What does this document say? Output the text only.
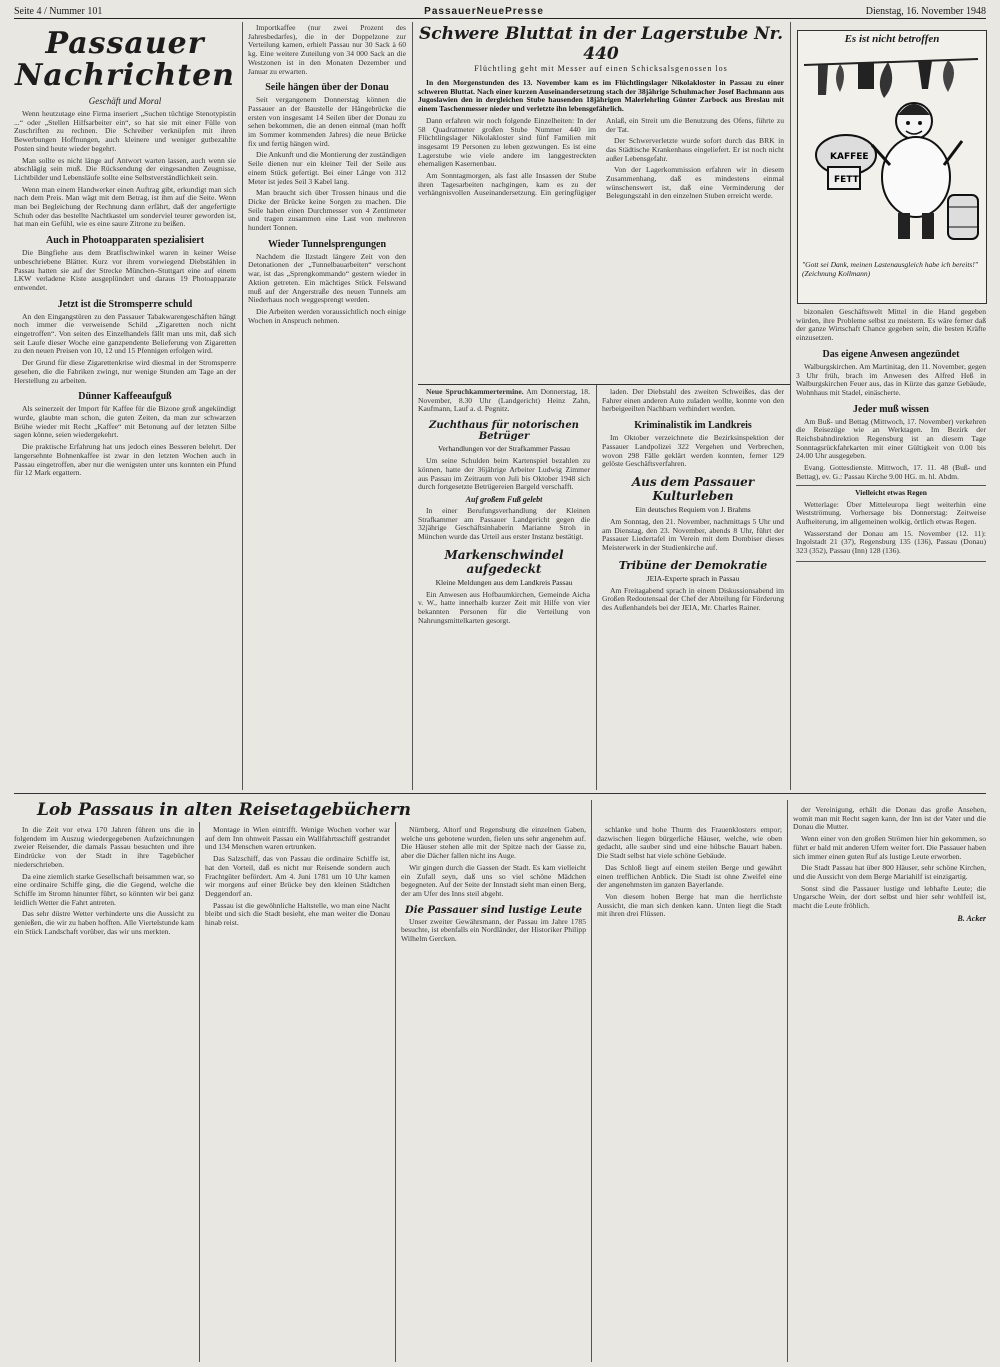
Seite 4 / Nummer 101	PassauerNeuePresse	Dienstag, 16. November 1948
Passauer
Nachrichten
Geschäft und Moral

Wenn heutzutage eine Firma inseriert „Suchen tüchtige Stenotypistin ...“ oder „Stellen Hilfsarbeiter ein“, so hat sie mit einer Fülle von Zuschriften zu rechnen. Die Schreiber verknüpfen mit ihren Bewerbungen Hoffnungen, auch kleinere und weniger gutbezahlte Posten sind heute wieder begehrt.

Man sollte es nicht länge auf Antwort warten lassen, auch wenn sie abschlägig sein muß. Die Rücksendung der eingesandten Zeugnisse, Lichtbilder und Lebensläufe sollte eine Selbstverständlichkeit sein.

Wenn man einem Handwerker einen Auftrag gibt, erkundigt man sich nach dem Preis. Man wägt mit dem Betrag, ist ihm auf die Seite. Wenn man bei Begleichung der Rechnung dann erfährt, daß der angefertigte Schuh oder das bestellte Nachtkastel um sonderviel teurer geworden ist, hat man ein Gefühl, wie es eine saure Zitrone zu beißen.

Auch in Photoapparaten spezialisiert

Die Bingfiehe aus dem Bratfischwinkel waren in keiner Weise unbeschriebene Blätter. Kurz vor ihrem vorwiegend Diebstählen in Passau hatten sie auf der Strecke München–Stuttgart eine auf einem LKW verladene Kiste ausgeplündert und daraus 19 Photoapparate entwendet.

Jetzt ist die Stromsperre schuld

An den Eingangstüren zu den Passauer Tabakwarengeschäften hängt noch immer die verweisende Schild „Zigaretten noch nicht eingetroffen“. Von seiten des Einzelhandels fällt man uns mit, daß sich seit Laufe dieser Woche eine ganzpendente Belieferung von Zigaretten zu den neuen Preisen von 10, 12 und 15 Pfennigen erfolgen wird.

Der Grund für diese Zigarettenkrise wird diesmal in der Stromsperre gesehen, die die Fabriken zwingt, nur wenige Stunden am Tage an der Herstellung zu arbeiten.

Dünner Kaffeeaufguß

Als seinerzeit der Import für Kaffee für die Bizone groß angekündigt wurde, glaubte man schon, die guten Zeiten, da man zur schwarzen Brühe wieder mit Recht „Kaffee“ mit Betonung auf der letzten Silbe sagen könne, seien wiedergekehrt.

Die praktische Erfahrung hat uns jedoch eines Besseren belehrt. Der langersehnte Bohnenkaffee ist zwar in den letzten Wochen auch in Passau eingetroffen, aber nur die wenigsten unter uns konnten ein Pfund für 12 Mark ergattern.

Importkaffee (nur zwei Prozent des Jahresbedarfes), die in der Doppelzone zur Verteilung kamen, erhielt Passau nur 30 Sack à 60 kg. Eine weitere Zuteilung von 34 000 Sack an die Westzonen ist in den Monaten Dezember und Januar zu erwarten.

Seile hängen über der Donau

Seit vergangenem Donnerstag können die Passauer an der Baustelle der Hängebrücke die ersten von insgesamt 14 Seilen über der Donau zu sehen bekommen, die an denen einmal (man hofft im Sommer kommenden Jahres) die neue Brücke fix und fertig hängen wird.

Die Ankunft und die Montierung der zuständigen Seile dienen nur ein kleiner Teil der Seile aus einem Stück gefertigt. Bei einer Länge von 312 Meter ist jedes Seil 3 Kabel lang.

Man braucht sich über Trossen hinaus und die Dicke der Brücke keine Sorgen zu machen. Die Seile haben einen Durchmesser von 4 Zentimeter und tragen zusammen eine Last von mehreren hundert Tonnen.

Wieder Tunnelsprengungen

Nachdem die Ilzstadt längere Zeit von den Detonationen der „Tunnelbauarbeiten“ verschont war, ist das „Sprengkommando“ gestern wieder in Aktion getreten. Ein mächtiges Stück Felswand muß auf der Angerstraße des neuen Tunnels am Niederhaus noch weggesprengt werden.

Die Arbeiten werden voraussichtlich noch einige Wochen in Anspruch nehmen.

Schwere Bluttat in der Lagerstube Nr. 440
Flüchtling geht mit Messer auf einen Schicksalsgenossen los

In den Morgenstunden des 13. November kam es im Flüchtlingslager Nikolakloster in Passau zu einer schweren Bluttat. Nach einer kurzen Auseinandersetzung stach der 38jährige Schuhmacher Josef Bachmann aus Jugoslawien den in dergleichen Stube hausenden 18jährigen Malerlehrling Günter Zarbock aus Breslau mit einem Taschenmesser nieder und verletzte ihn lebensgefährlich.

Dann erfahren wir noch folgende Einzelheiten: In der 58 Quadratmeter großen Stube Nummer 440 im Flüchtlingslager Nikolakloster sind fünf Familien mit insgesamt 19 Personen zu leben gezwungen. Es ist eine Lagerstube wie viele andere im langgestreckten ehemaligen Kasernenbau.

Am Sonntagmorgen, als fast alle Insassen der Stube ihren Tagesarbeiten nachgingen, kam es zu der verhängnisvollen Auseinandersetzung. Ein geringfügiger Anlaß, ein Streit um die Benutzung des Ofens, führte zu der Tat.

Der Schwerverletzte wurde sofort durch das BRK in das Städtische Krankenhaus eingeliefert. Er ist noch nicht außer Lebensgefahr.

Von der Lagerkommission erfahren wir in diesem Zusammenhang, daß es mindestens einmal wünschenswert ist, daß eine Verminderung der Belegungszahl in den einzelnen Stuben erreicht werde.

Neue Spruchkammertermine. Am Donnerstag, 18. November, 8.30 Uhr (Landgericht) Heinz Zahn, Kaufmann, Lauf a. d. Pegnitz.

Zuchthaus für notorischen Betrüger
Verhandlungen vor der Strafkammer Passau

Um seine Schulden beim Kartenspiel bezahlen zu können, hatte der 36jährige Arbeiter Ludwig Zimmer aus Passau im Zeitraum von Juli bis Oktober 1948 sich durch fortgesetzte Betrügereien Bargeld verschafft.

Auf großem Fuß gelebt

In einer Berufungsverhandlung der Kleinen Strafkammer am Passauer Landgericht gegen die 32jährige Geschäftsinhaberin Marianne Stroh in München wurde das Urteil aus erster Instanz bestätigt.

Markenschwindel aufgedeckt
Kleine Meldungen aus dem Landkreis Passau

Ein Anwesen aus Hofbaumkirchen, Gemeinde Aicha v. W., hatte innerhalb kurzer Zeit mit Hilfe von vier bekannten Personen für die Verteilung von Nahrungsmittelkarten gesorgt.

laden. Der Diebstahl des zweiten Schweißes, das der Fahrer einen anderen Auto zuladen wollte, konnte von den herbeigeeilten Nachbarn verhindert werden.

Kriminalistik im Landkreis

Im Oktober verzeichnete die Bezirksinspektion der Passauer Landpolizei 322 Vergehen und Verbrechen, wovon 298 Fälle geklärt werden konnten, ferner 129 gelöste Geschäftsverfahren.

Aus dem Passauer Kulturleben
Ein deutsches Requiem von J. Brahms

Am Sonntag, den 21. November, nachmittags 5 Uhr und am Dienstag, den 23. November, abends 8 Uhr, führt der Passauer Liedertafel im Verein mit dem Dombiser dieses Meisterwerk in der Studienkirche auf.

Tribüne der Demokratie
JEIA-Experte sprach in Passau

Am Freitagabend sprach in einem Diskussionsabend im Großen Redoutensaal der Chef der Abteilung für Förderung des Außenhandels bei der JEIA, Mr. Charles Rainer.

Es ist nicht betroffen
KAFFEE
FETT
"Gott sei Dank, meinen Lastenausgleich habe ich bereits!" (Zeichnung Kollmann)

bizonalen Geschäftswelt Mittel in die Hand gegeben würden, ihre Probleme selbst zu meistern. Es wäre ferner daß der ganze Wirtschaft Chance gegeben sein, die besten Kräfte einzusetzen.

Das eigene Anwesen angezündet

Walburgskirchen. Am Martinitag, den 11. November, gegen 3 Uhr früh, brach im Anwesen des Alfred Heß in Walburgskirchen Feuer aus, das in Kürze das ganze Gebäude, Wohnhaus mit Stadel, einäscherte.

Jeder muß wissen

Am Buß- und Bettag (Mittwoch, 17. November) verkehren die Reisezüge wie an Werktagen. Im Bezirk der Reichsbahndirektion Regensburg ist an diesem Tage Sonntagsrückfahrkarten mit einer Gültigkeit von 0.00 bis 24.00 Uhr ausgegeben.

Evang. Gottesdienste. Mittwoch, 17. 11. 48 (Buß- und Bettag), ev. G.: Passau Kirche 9.00 HG. m. hl. Abdm.

Vielleicht etwas Regen

Wetterlage: Über Mitteleuropa liegt weiterhin eine Westströmung. Vorhersage bis Donnerstag: Zeitweise Aufheiterung, im allgemeinen wolkig, örtlich etwas Regen.

Wasserstand der Donau am 15. November (12. 11): Ingolstadt 21 (37), Regensburg 135 (136), Passau (Donau) 323 (352), Passau (Inn) 128 (136).

Lob Passaus in alten Reisetagebüchern

In die Zeit vor etwa 170 Jahren führen uns die in folgendem im Auszug wiedergegebenen Aufzeichnungen zweier Reisender, die damals Passau besuchten und ihre Eindrücke von der Stadt in ihre Tagebücher niederschrieben.

Da eine ziemlich starke Gesellschaft beisammen war, so eine ordinaire Schiffe ging, die die Gegend, welche die Schiffe im Stromn hinunter führt, so könnten wir bei ganz leidlich Wetter die Fahrt antreten.

Das sehr düstre Wetter verhinderte uns die Aussicht zu genießen, die wir zu haben hofften. Alle Viertelstunde kam ein Stück Landschaft vorüber, das wir uns merkten.

Montage in Wien eintrifft. Wenige Wochen vorher war auf dem Inn ohnweit Passau ein Wallfahrtsschiff gestrandet und 134 Menschen waren ertrunken.

Das Salzschiff, das von Passau die ordinaire Schiffe ist, hat den Vorteil, daß es nicht nur Reisende sondern auch Frachtgüter befördert. Am 4. Juni 1781 um 10 Uhr kamen wir morgens auf einer Brücke bey den kleinen Städtchen Deggendorf an.

Passau ist die gewöhnliche Haltstelle, wo man eine Nacht bleibt und sich die Stadt besieht, ehe man weiter die Donau hinab reist.

Nürnberg, Altorf und Regensburg die einzelnen Gaben, welche uns gebotene wurden, fielen uns sehr angenehm auf. Die Häuser stehen alle mit der Spitze nach der Gasse zu, aber die Dächer fallen nicht ins Auge.

Wir gingen durch die Gassen der Stadt. Es kam vielleicht ein Zufall seyn, daß uns so viel schöne Mädchen begegneten. Auf der Seite der Innstadt sieht man einen Berg, der am Ufer des Inns steil abgeht.

Die Passauer sind lustige Leute

Unser zweiter Gewährsmann, der Passau im Jahre 1785 besuchte, ist ebenfalls ein Nordländer, der Historiker Philipp Wilhelm Gercken.

schlanke und hohe Thurm des Frauenklosters empor; dazwischen liegen bürgerliche Häuser, welche, wie oben gedacht, alle sauber sind und eine hübsche Bauart haben. Die Stadt selbst hat viele schöne Gebäude.

Das Schloß liegt auf einem steilen Berge und gewährt einen trefflichen Anblick. Die Stadt ist ohne Zweifel eine der angenehmsten im ganzen Bayerlande.

Von diesem hohen Berge hat man die herrlichste Aussicht, die man sich denken kann. Unten liegt die Stadt mit ihren drei Flüssen.

der Vereinigung, erhält die Donau das große Ansehen, womit man mit Recht sagen kann, der Inn ist der Vater und die Donau die Mutter.

Wenn einer von den großen Strömen hier hin gekommen, so führt er bald mit anderen Ufern weiter fort. Die Passauer haben sich immer einen guten Ruf als lustige Leute erworben.

Die Stadt Passau hat über 800 Häuser, sehr schöne Kirchen, und die Aussicht von dem Berge Mariahilf ist einzigartig.

Sonst sind die Passauer lustige und lebhafte Leute; die Ungarsche Wein, der dort selbst und hier sehr wohlfeil ist, macht die Leute fröhlich.

B. Acker
